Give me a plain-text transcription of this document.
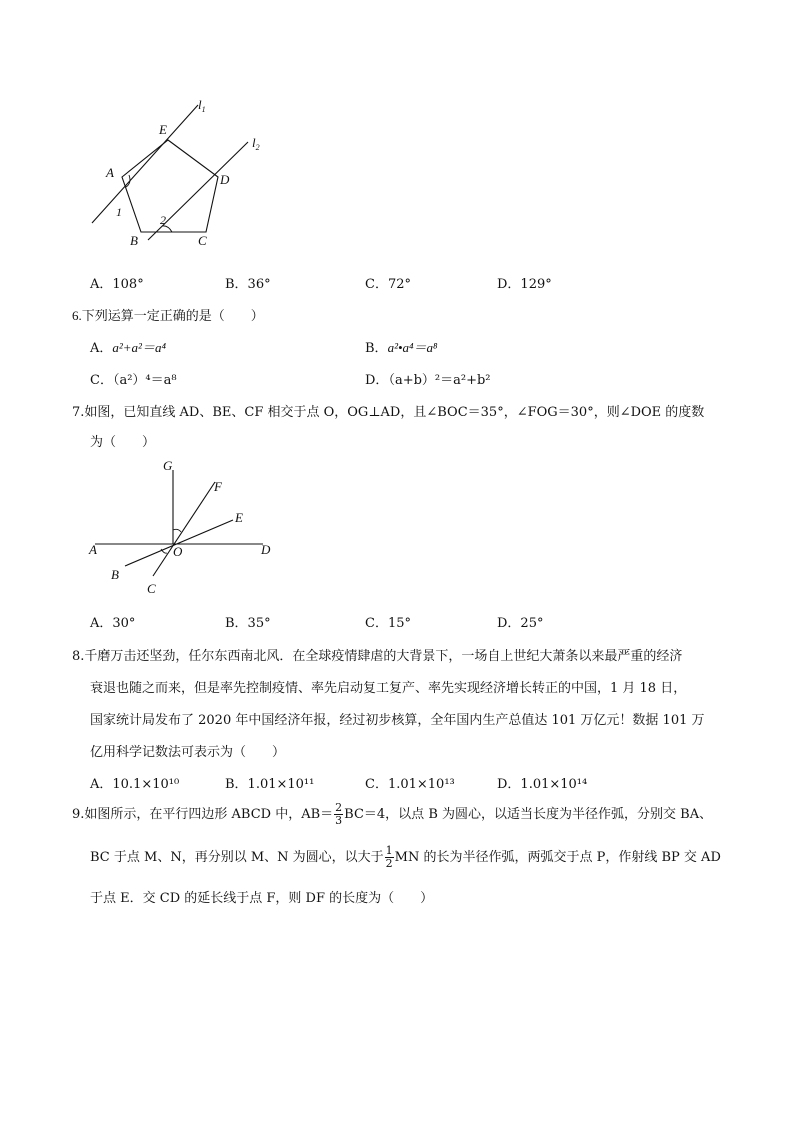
$l_1$
$l_2$
E
A	D
B	C
1
2
A．108°	B．36°	C．72°	D．129°
6.下列运算一定正确的是（　　）
A．a²+a²＝a⁴	B．a²•a⁴＝a⁸
C．（a²）⁴＝a⁸	D．（a+b）²＝a²+b²
7.如图，已知直线 AD、BE、CF 相交于点 O，OG⊥AD，且∠BOC＝35°，∠FOG＝30°，则∠DOE 的度数
为（　　）
G
F
E
A	O	D
B
C
A．30°	B．35°	C．15°	D．25°
8.千磨万击还坚劲，任尔东西南北风．在全球疫情肆虐的大背景下，一场自上世纪大萧条以来最严重的经济
衰退也随之而来，但是率先控制疫情、率先启动复工复产、率先实现经济增长转正的中国，1 月 18 日，
国家统计局发布了 2020 年中国经济年报，经过初步核算，全年国内生产总值达 101 万亿元！数据 101 万
亿用科学记数法可表示为（　　）
A．10.1×10¹⁰	B．1.01×10¹¹	C．1.01×10¹³	D．1.01×10¹⁴
9.如图所示，在平行四边形 ABCD 中，$AB= \frac{2}{3} BC=4$，以点 B 为圆心，以适当长度为半径作弧，分别交 BA、
BC 于点 M、N，再分别以 M、N 为圆心，以大于 $\frac{1}{2}$ MN 的长为半径作弧，两弧交于点 P，作射线 BP 交 AD
于点 E．交 CD 的延长线于点 F，则 DF 的长度为（　　）
